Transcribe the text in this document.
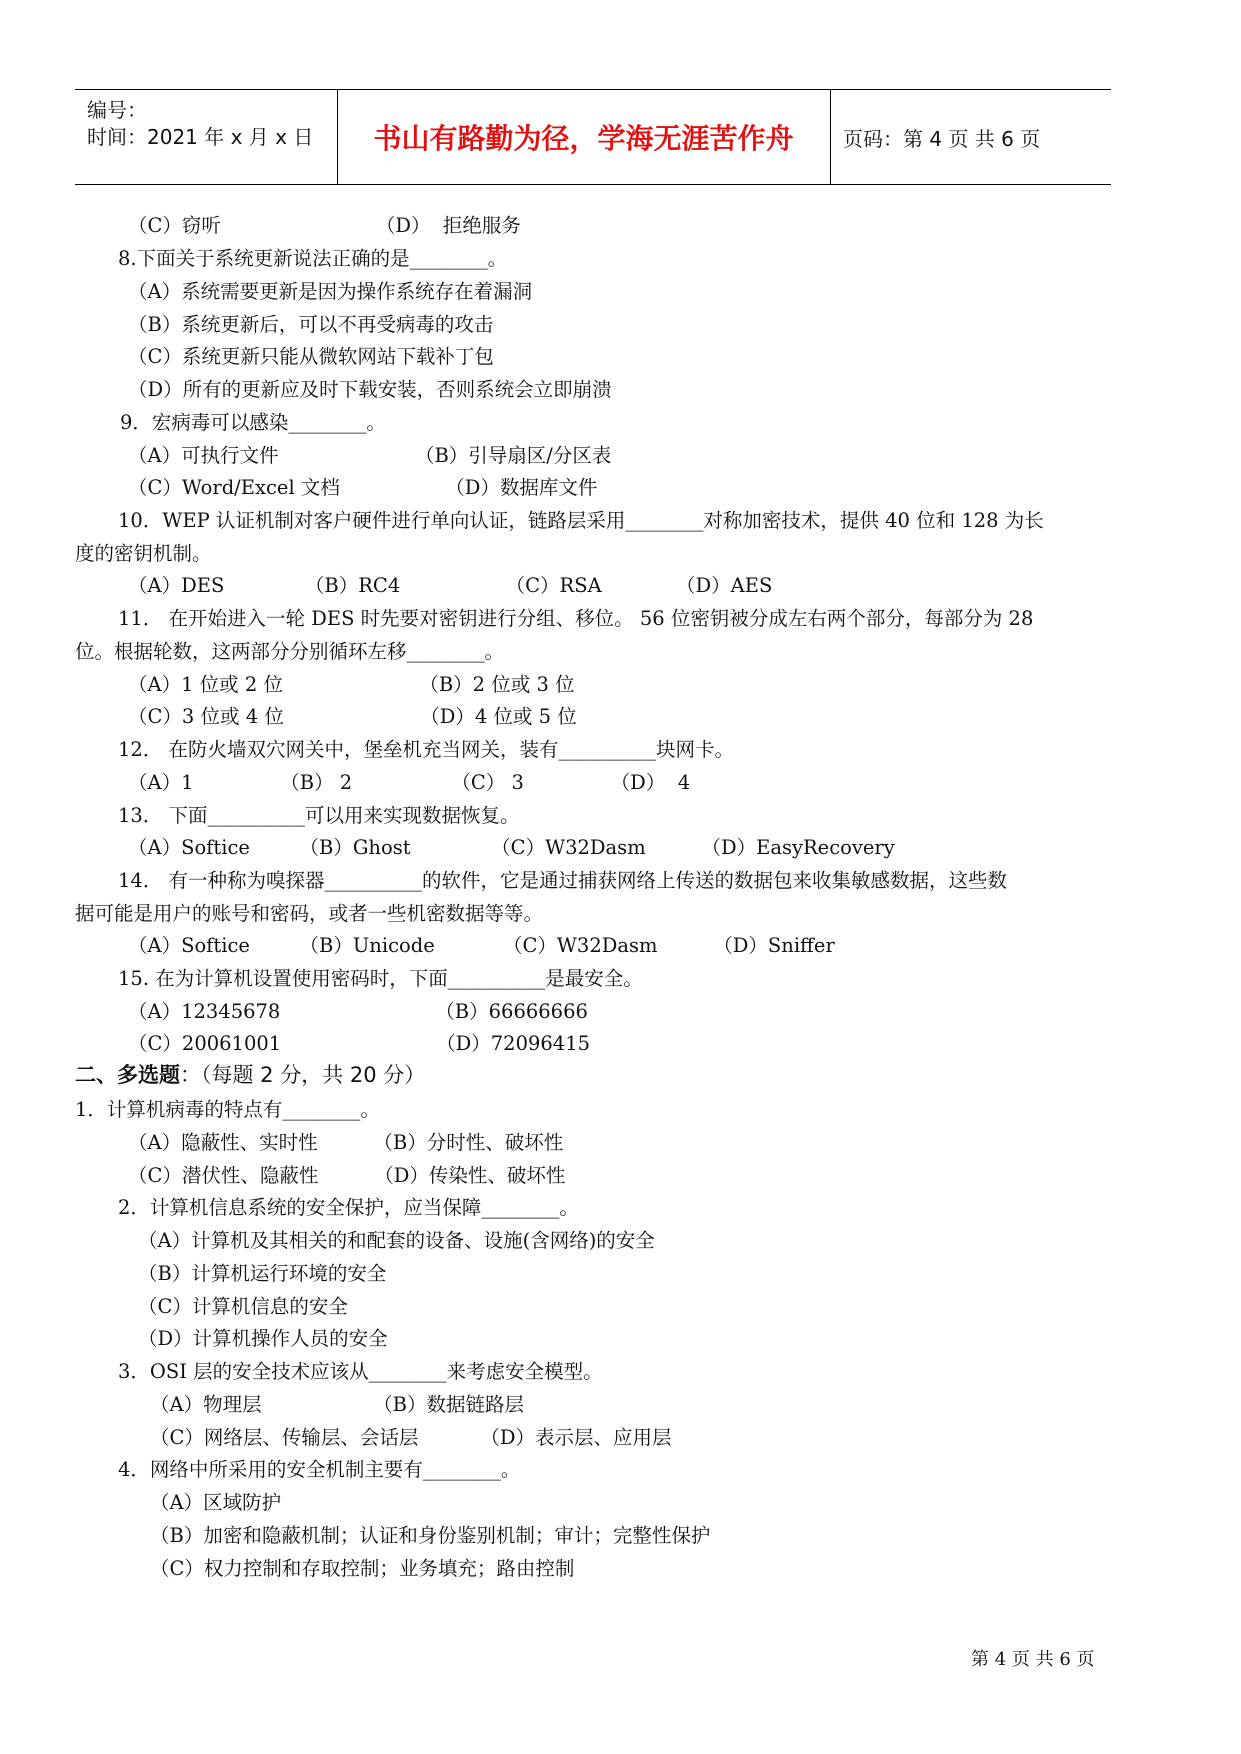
编号：
时间：2021 年 x 月 x 日	书山有路勤为径，学海无涯苦作舟	页码：第 4 页 共 6 页
（C）窃听                         （D）  拒绝服务
8.下面关于系统更新说法正确的是________。
（A）系统需要更新是因为操作系统存在着漏洞
（B）系统更新后，可以不再受病毒的攻击
（C）系统更新只能从微软网站下载补丁包
（D）所有的更新应及时下载安装，否则系统会立即崩溃
9．宏病毒可以感染________。
（A）可执行文件                      （B）引导扇区/分区表
（C）Word/Excel 文档                 （D）数据库文件
10．WEP 认证机制对客户硬件进行单向认证，链路层采用________对称加密技术，提供 40 位和 128 为长
度的密钥机制。
（A）DES             （B）RC4                 （C）RSA            （D）AES
11． 在开始进入一轮 DES 时先要对密钥进行分组、移位。 56 位密钥被分成左右两个部分，每部分为 28
位。根据轮数，这两部分分别循环左移________。
（A）1 位或 2 位                      （B）2 位或 3 位
（C）3 位或 4 位                      （D）4 位或 5 位
12． 在防火墙双穴网关中，堡垒机充当网关，装有__________块网卡。
（A）1              （B） 2                （C） 3              （D）  4
13． 下面__________可以用来实现数据恢复。
（A）Softice        （B）Ghost             （C）W32Dasm         （D）EasyRecovery
14． 有一种称为嗅探器__________的软件，它是通过捕获网络上传送的数据包来收集敏感数据，这些数
据可能是用户的账号和密码，或者一些机密数据等等。
（A）Softice        （B）Unicode           （C）W32Dasm         （D）Sniffer
15. 在为计算机设置使用密码时，下面__________是最安全。
（A）12345678                         （B）66666666
（C）20061001                         （D）72096415
二、多选题：（每题 2 分，共 20 分）
1．计算机病毒的特点有________。
（A）隐蔽性、实时性         （B）分时性、破坏性
（C）潜伏性、隐蔽性         （D）传染性、破坏性
2．计算机信息系统的安全保护，应当保障________。
（A）计算机及其相关的和配套的设备、设施(含网络)的安全
（B）计算机运行环境的安全
（C）计算机信息的安全
（D）计算机操作人员的安全
3．OSI 层的安全技术应该从________来考虑安全模型。
（A）物理层                  （B）数据链路层
（C）网络层、传输层、会话层          （D）表示层、应用层
4．网络中所采用的安全机制主要有________。
（A）区域防护
（B）加密和隐蔽机制；认证和身份鉴别机制；审计；完整性保护
（C）权力控制和存取控制；业务填充；路由控制
第 4 页 共 6 页
